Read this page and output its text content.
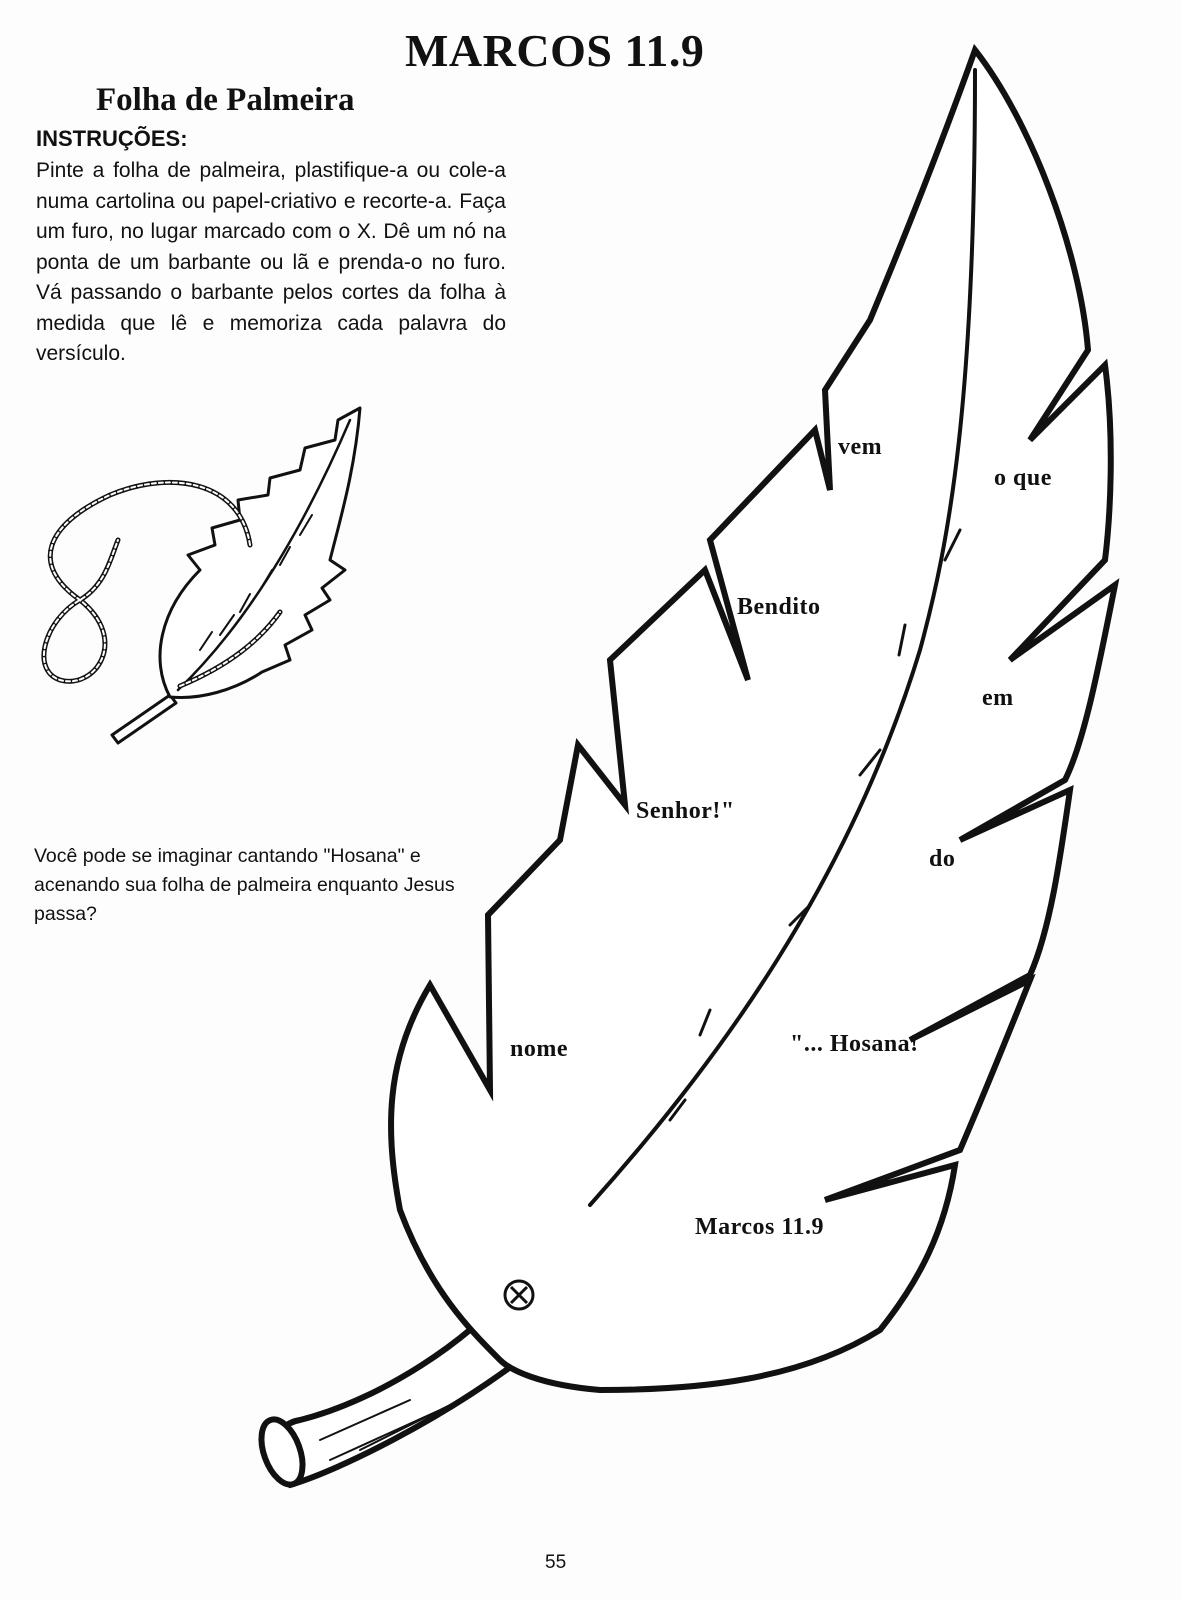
MARCOS 11.9
Folha de Palmeira
INSTRUÇÕES:
Pinte a folha de palmeira, plastifique-a ou cole-a numa cartolina ou papel-criativo e recorte-a. Faça um furo, no lugar marcado com o X. Dê um nó na ponta de um barbante ou lã e prenda-o no furo. Vá passando o barbante pelos cortes da folha à medida que lê e memoriza cada palavra do versículo.
Você pode se imaginar cantando "Hosana" e acenando sua folha de palmeira enquanto Jesus passa?
vem
o que
Bendito
em
Senhor!"
do
nome	"... Hosana!
Marcos 11.9
55
